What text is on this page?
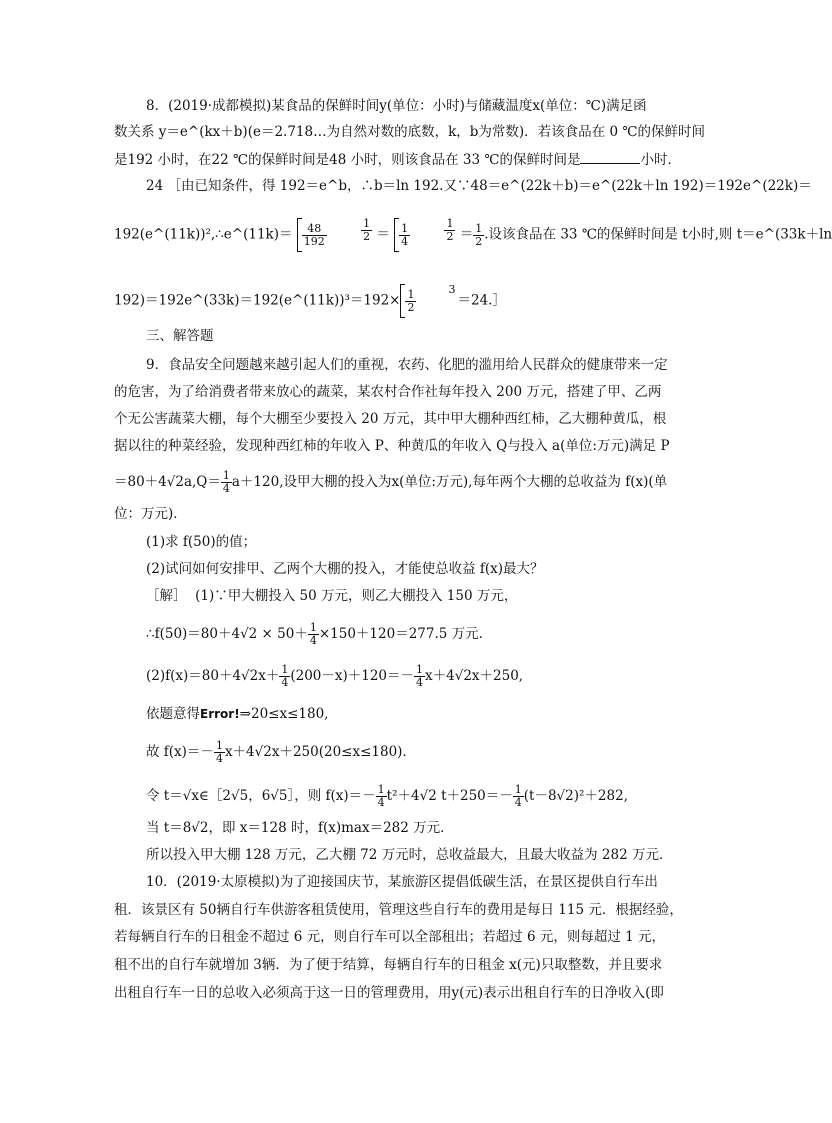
8．(2019·成都模拟)某食品的保鲜时间y(单位：小时)与储藏温度x(单位：℃)满足函
数关系 y＝e^(kx＋b)(e＝2.718…为自然对数的底数，k，b为常数)．若该食品在 0 ℃的保鲜时间
是192 小时，在22 ℃的保鲜时间是48 小时，则该食品在 33 ℃的保鲜时间是	小时．
24 ［由已知条件，得 192＝e^b，∴b＝ln 192.又∵48＝e^(22k＋b)＝e^(22k＋ln 192)＝192e^(22k)＝
192(e^(11k))²,∴e^(11k)＝ $\frac{48}{192}$
	$\frac{1}{2} = \frac{1}{4}$
	$\frac{1}{2} = \frac{1}{2}$ .设该食品在 33 ℃的保鲜时间是 t小时,则 t＝e^(33k＋ln
192)＝192e^(33k)＝192(e^(11k))³＝192× $\frac{1}{2}$	3
＝24.］
三、解答题
9．食品安全问题越来越引起人们的重视，农药、化肥的滥用给人民群众的健康带来一定
的危害，为了给消费者带来放心的蔬菜，某农村合作社每年投入 200 万元，搭建了甲、乙两
个无公害蔬菜大棚，每个大棚至少要投入 20 万元，其中甲大棚种西红柿，乙大棚种黄瓜，根
据以往的种菜经验，发现种西红柿的年收入 P、种黄瓜的年收入 Q与投入 a(单位:万元)满足 P
$=80+4√2a,Q= \frac{1}{4} a+120$,设甲大棚的投入为x(单位:万元),每年两个大棚的总收益为 f(x)(单
位：万元)．
(1)求 f(50)的值；
(2)试问如何安排甲、乙两个大棚的投入，才能使总收益 f(x)最大？
［解］ (1)∵甲大棚投入 50 万元，则乙大棚投入 150 万元，
∴f(50)＝80＋4√2 × $50+ \frac{1}{4} \times 150+120=277.5$ 万元．
$(2)f(x)=80+4√2x+ \frac{1}{4} (200-x)+120=- \frac{1}{4} x+4√2x+250$,
依题意得Error!⇒20≤x≤180,
故 $f(x)=- \frac{1}{4} x+4√2x+250(20\le x\le 180)$．
令 t＝√x∈［2√5，6√5］，则 $f(x)=- \frac{1}{4} t^2+4√2$ $t+250=- \frac{1}{4} (t-8√2)^2+282$,
当 t＝8√2，即 x＝128 时，f(x)max＝282 万元．
所以投入甲大棚 128 万元，乙大棚 72 万元时，总收益最大，且最大收益为 282 万元．
10．(2019·太原模拟)为了迎接国庆节，某旅游区提倡低碳生活，在景区提供自行车出
租．该景区有 50辆自行车供游客租赁使用，管理这些自行车的费用是每日 115 元．根据经验，
若每辆自行车的日租金不超过 6 元，则自行车可以全部租出；若超过 6 元，则每超过 1 元，
租不出的自行车就增加 3辆．为了便于结算，每辆自行车的日租金 x(元)只取整数，并且要求
出租自行车一日的总收入必须高于这一日的管理费用，用y(元)表示出租自行车的日净收入(即
